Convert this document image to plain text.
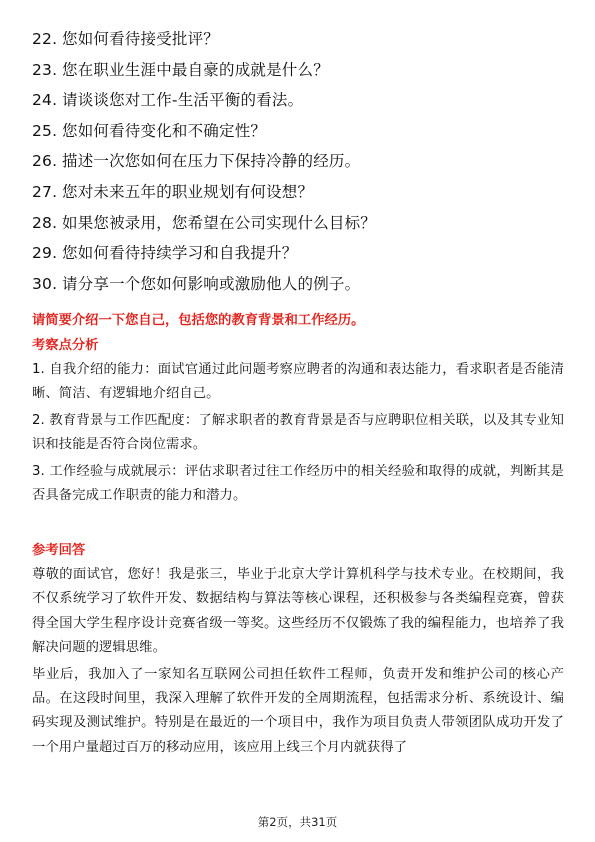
22. 您如何看待接受批评？
23. 您在职业生涯中最自豪的成就是什么？
24. 请谈谈您对工作-生活平衡的看法。
25. 您如何看待变化和不确定性？
26. 描述一次您如何在压力下保持冷静的经历。
27. 您对未来五年的职业规划有何设想？
28. 如果您被录用，您希望在公司实现什么目标？
29. 您如何看待持续学习和自我提升？
30. 请分享一个您如何影响或激励他人的例子。
请简要介绍一下您自己，包括您的教育背景和工作经历。
考察点分析
1. 自我介绍的能力：面试官通过此问题考察应聘者的沟通和表达能力，看求职者是否能清晰、简洁、有逻辑地介绍自己。
2. 教育背景与工作匹配度：了解求职者的教育背景是否与应聘职位相关联，以及其专业知识和技能是否符合岗位需求。
3. 工作经验与成就展示：评估求职者过往工作经历中的相关经验和取得的成就，判断其是否具备完成工作职责的能力和潜力。
参考回答
尊敬的面试官，您好！我是张三，毕业于北京大学计算机科学与技术专业。在校期间，我不仅系统学习了软件开发、数据结构与算法等核心课程，还积极参与各类编程竞赛，曾获得全国大学生程序设计竞赛省级一等奖。这些经历不仅锻炼了我的编程能力，也培养了我解决问题的逻辑思维。
毕业后，我加入了一家知名互联网公司担任软件工程师，负责开发和维护公司的核心产品。在这段时间里，我深入理解了软件开发的全周期流程，包括需求分析、系统设计、编码实现及测试维护。特别是在最近的一个项目中，我作为项目负责人带领团队成功开发了一个用户量超过百万的移动应用，该应用上线三个月内就获得了
第2页，共31页
